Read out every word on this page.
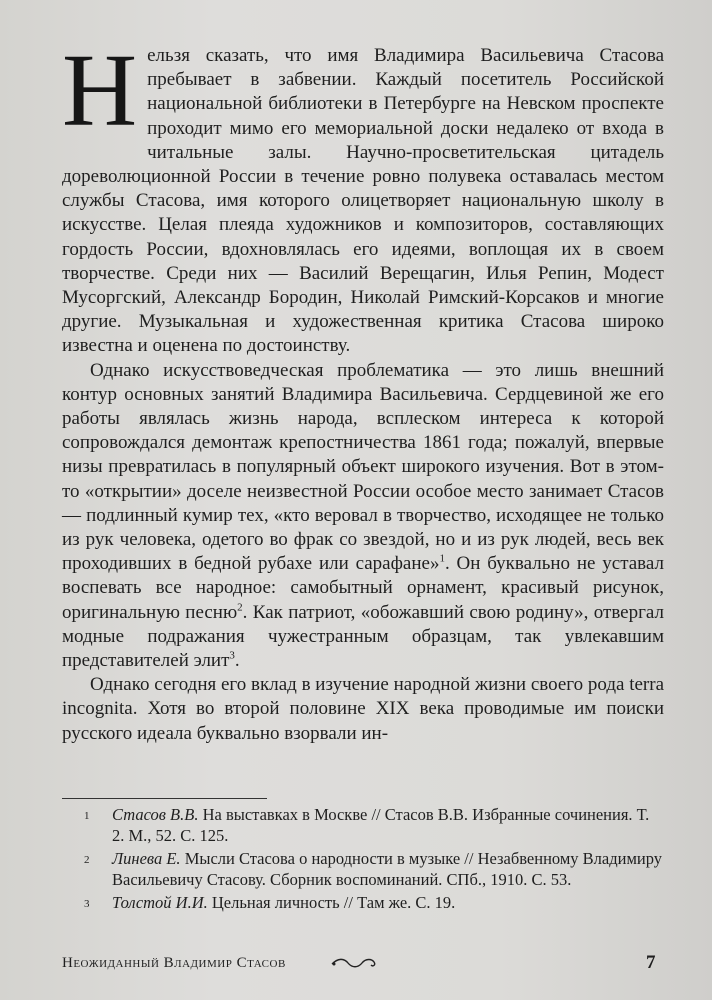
Н ельзя сказать, что имя Владимира Васильевича Стасова пребывает в забвении. Каждый посетитель Российской национальной библиотеки в Петербурге на Невском проспекте проходит мимо его мемориальной доски недалеко от входа в читальные залы. Научно-просветительская цитадель дореволюционной России в течение ровно полувека оставалась местом службы Стасова, имя которого олицетворяет национальную школу в искусстве. Целая плеяда художников и композиторов, составляющих гордость России, вдохновлялась его идеями, воплощая их в своем творчестве. Среди них — Василий Верещагин, Илья Репин, Модест Мусоргский, Александр Бородин, Николай Римский-Корсаков и многие другие. Музыкальная и художественная критика Стасова широко известна и оценена по достоинству.

Однако искусствоведческая проблематика — это лишь внешний контур основных занятий Владимира Васильевича. Сердцевиной же его работы являлась жизнь народа, всплеском интереса к которой сопровождался демонтаж крепостничества 1861 года; пожалуй, впервые низы превратилась в популярный объект широкого изучения. Вот в этом-то «открытии» доселе неизвестной России особое место занимает Стасов — подлинный кумир тех, «кто веровал в творчество, исходящее не только из рук человека, одетого во фрак со звездой, но и из рук людей, весь век проходивших в бедной рубахе или сарафане»$^1$. Он буквально не уставал воспевать все народное: самобытный орнамент, красивый рисунок, оригинальную песню$^2$. Как патриот, «обожавший свою родину», отвергал модные подражания чужестранным образцам, так увлекавшим представителей элит$^3$.

Однако сегодня его вклад в изучение народной жизни своего рода terra incognita. Хотя во второй половине XIX века проводимые им поиски русского идеала буквально взорвали ин-

1	Стасов В.В. На выставках в Москве // Стасов В.В. Избранные сочинения. Т. 2. М., 52. С. 125.
2	Линева Е. Мысли Стасова о народности в музыке // Незабвенному Владимиру Васильевичу Стасову. Сборник воспоминаний. СПб., 1910. С. 53.
3	Толстой И.И. Цельная личность // Там же. С. 19.
Неожиданный Владимир Стасов	7
